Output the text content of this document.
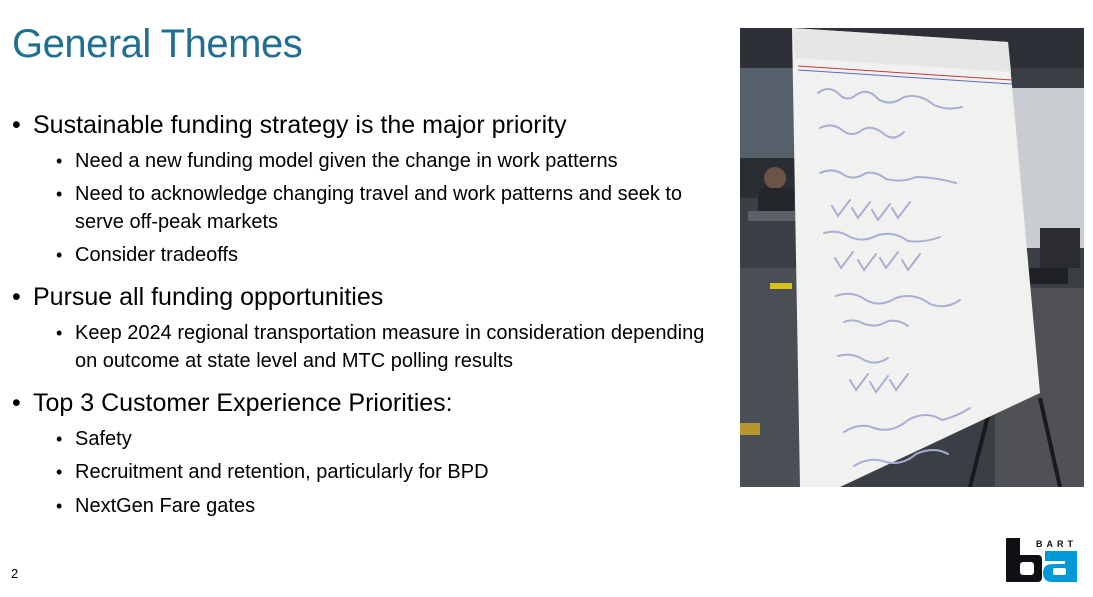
General Themes
• Sustainable funding strategy is the major priority
• Need a new funding model given the change in work patterns
• Need to acknowledge changing travel and work patterns and seek to serve off-peak markets
• Consider tradeoffs
• Pursue all funding opportunities
• Keep 2024 regional transportation measure in consideration depending on outcome at state level and MTC polling results
• Top 3 Customer Experience Priorities:
• Safety
• Recruitment and retention, particularly for BPD
• NextGen Fare gates
2
BART
